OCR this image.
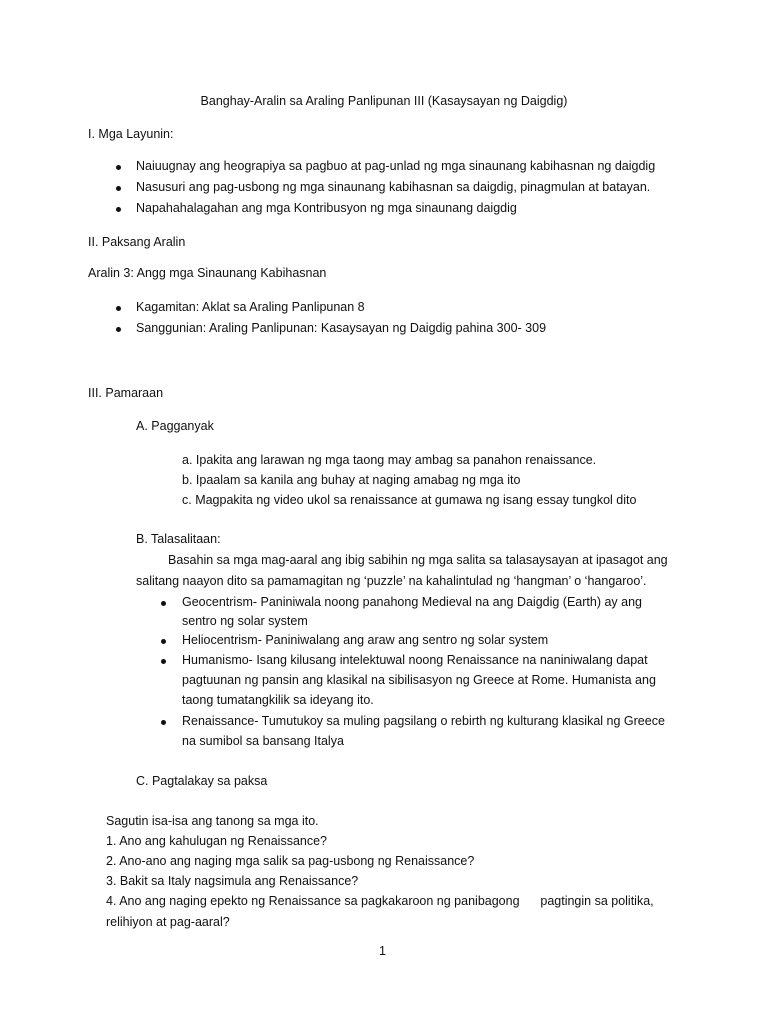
Banghay-Aralin sa Araling Panlipunan III (Kasaysayan ng Daigdig)
I. Mga Layunin:
Naiuugnay ang heograpiya sa pagbuo at pag-unlad ng mga sinaunang kabihasnan ng daigdig
Nasusuri ang pag-usbong ng mga sinaunang kabihasnan sa daigdig, pinagmulan at batayan.
Napahahalagahan ang mga Kontribusyon ng mga sinaunang daigdig
II. Paksang Aralin
Aralin 3: Angg mga Sinaunang Kabihasnan
Kagamitan: Aklat sa Araling Panlipunan 8
Sanggunian: Araling Panlipunan: Kasaysayan ng Daigdig pahina 300- 309
III. Pamaraan
A. Pagganyak
a. Ipakita ang larawan ng mga taong may ambag sa panahon renaissance.
b. Ipaalam sa kanila ang buhay at naging amabag ng mga ito
c. Magpakita ng video ukol sa renaissance at gumawa ng isang essay tungkol dito
B. Talasalitaan:
Basahin sa mga mag-aaral ang ibig sabihin ng mga salita sa talasaysayan at ipasagot ang
salitang naayon dito sa pamamagitan ng ‘puzzle’ na kahalintulad ng ‘hangman’ o ‘hangaroo’.
Geocentrism- Paniniwala noong panahong Medieval na ang Daigdig (Earth) ay ang
sentro ng solar system
Heliocentrism- Paniniwalang ang araw ang sentro ng solar system
Humanismo- Isang kilusang intelektuwal noong Renaissance na naniniwalang dapat
pagtuunan ng pansin ang klasikal na sibilisasyon ng Greece at Rome. Humanista ang
taong tumatangkilik sa ideyang ito.
Renaissance- Tumutukoy sa muling pagsilang o rebirth ng kulturang klasikal ng Greece
na sumibol sa bansang Italya
C. Pagtalakay sa paksa
Sagutin isa-isa ang tanong sa mga ito.
1. Ano ang kahulugan ng Renaissance?
2. Ano-ano ang naging mga salik sa pag-usbong ng Renaissance?
3. Bakit sa Italy nagsimula ang Renaissance?
4. Ano ang naging epekto ng Renaissance sa pagkakaroon ng panibagong      pagtingin sa politika,
relihiyon at pag-aaral?
1
